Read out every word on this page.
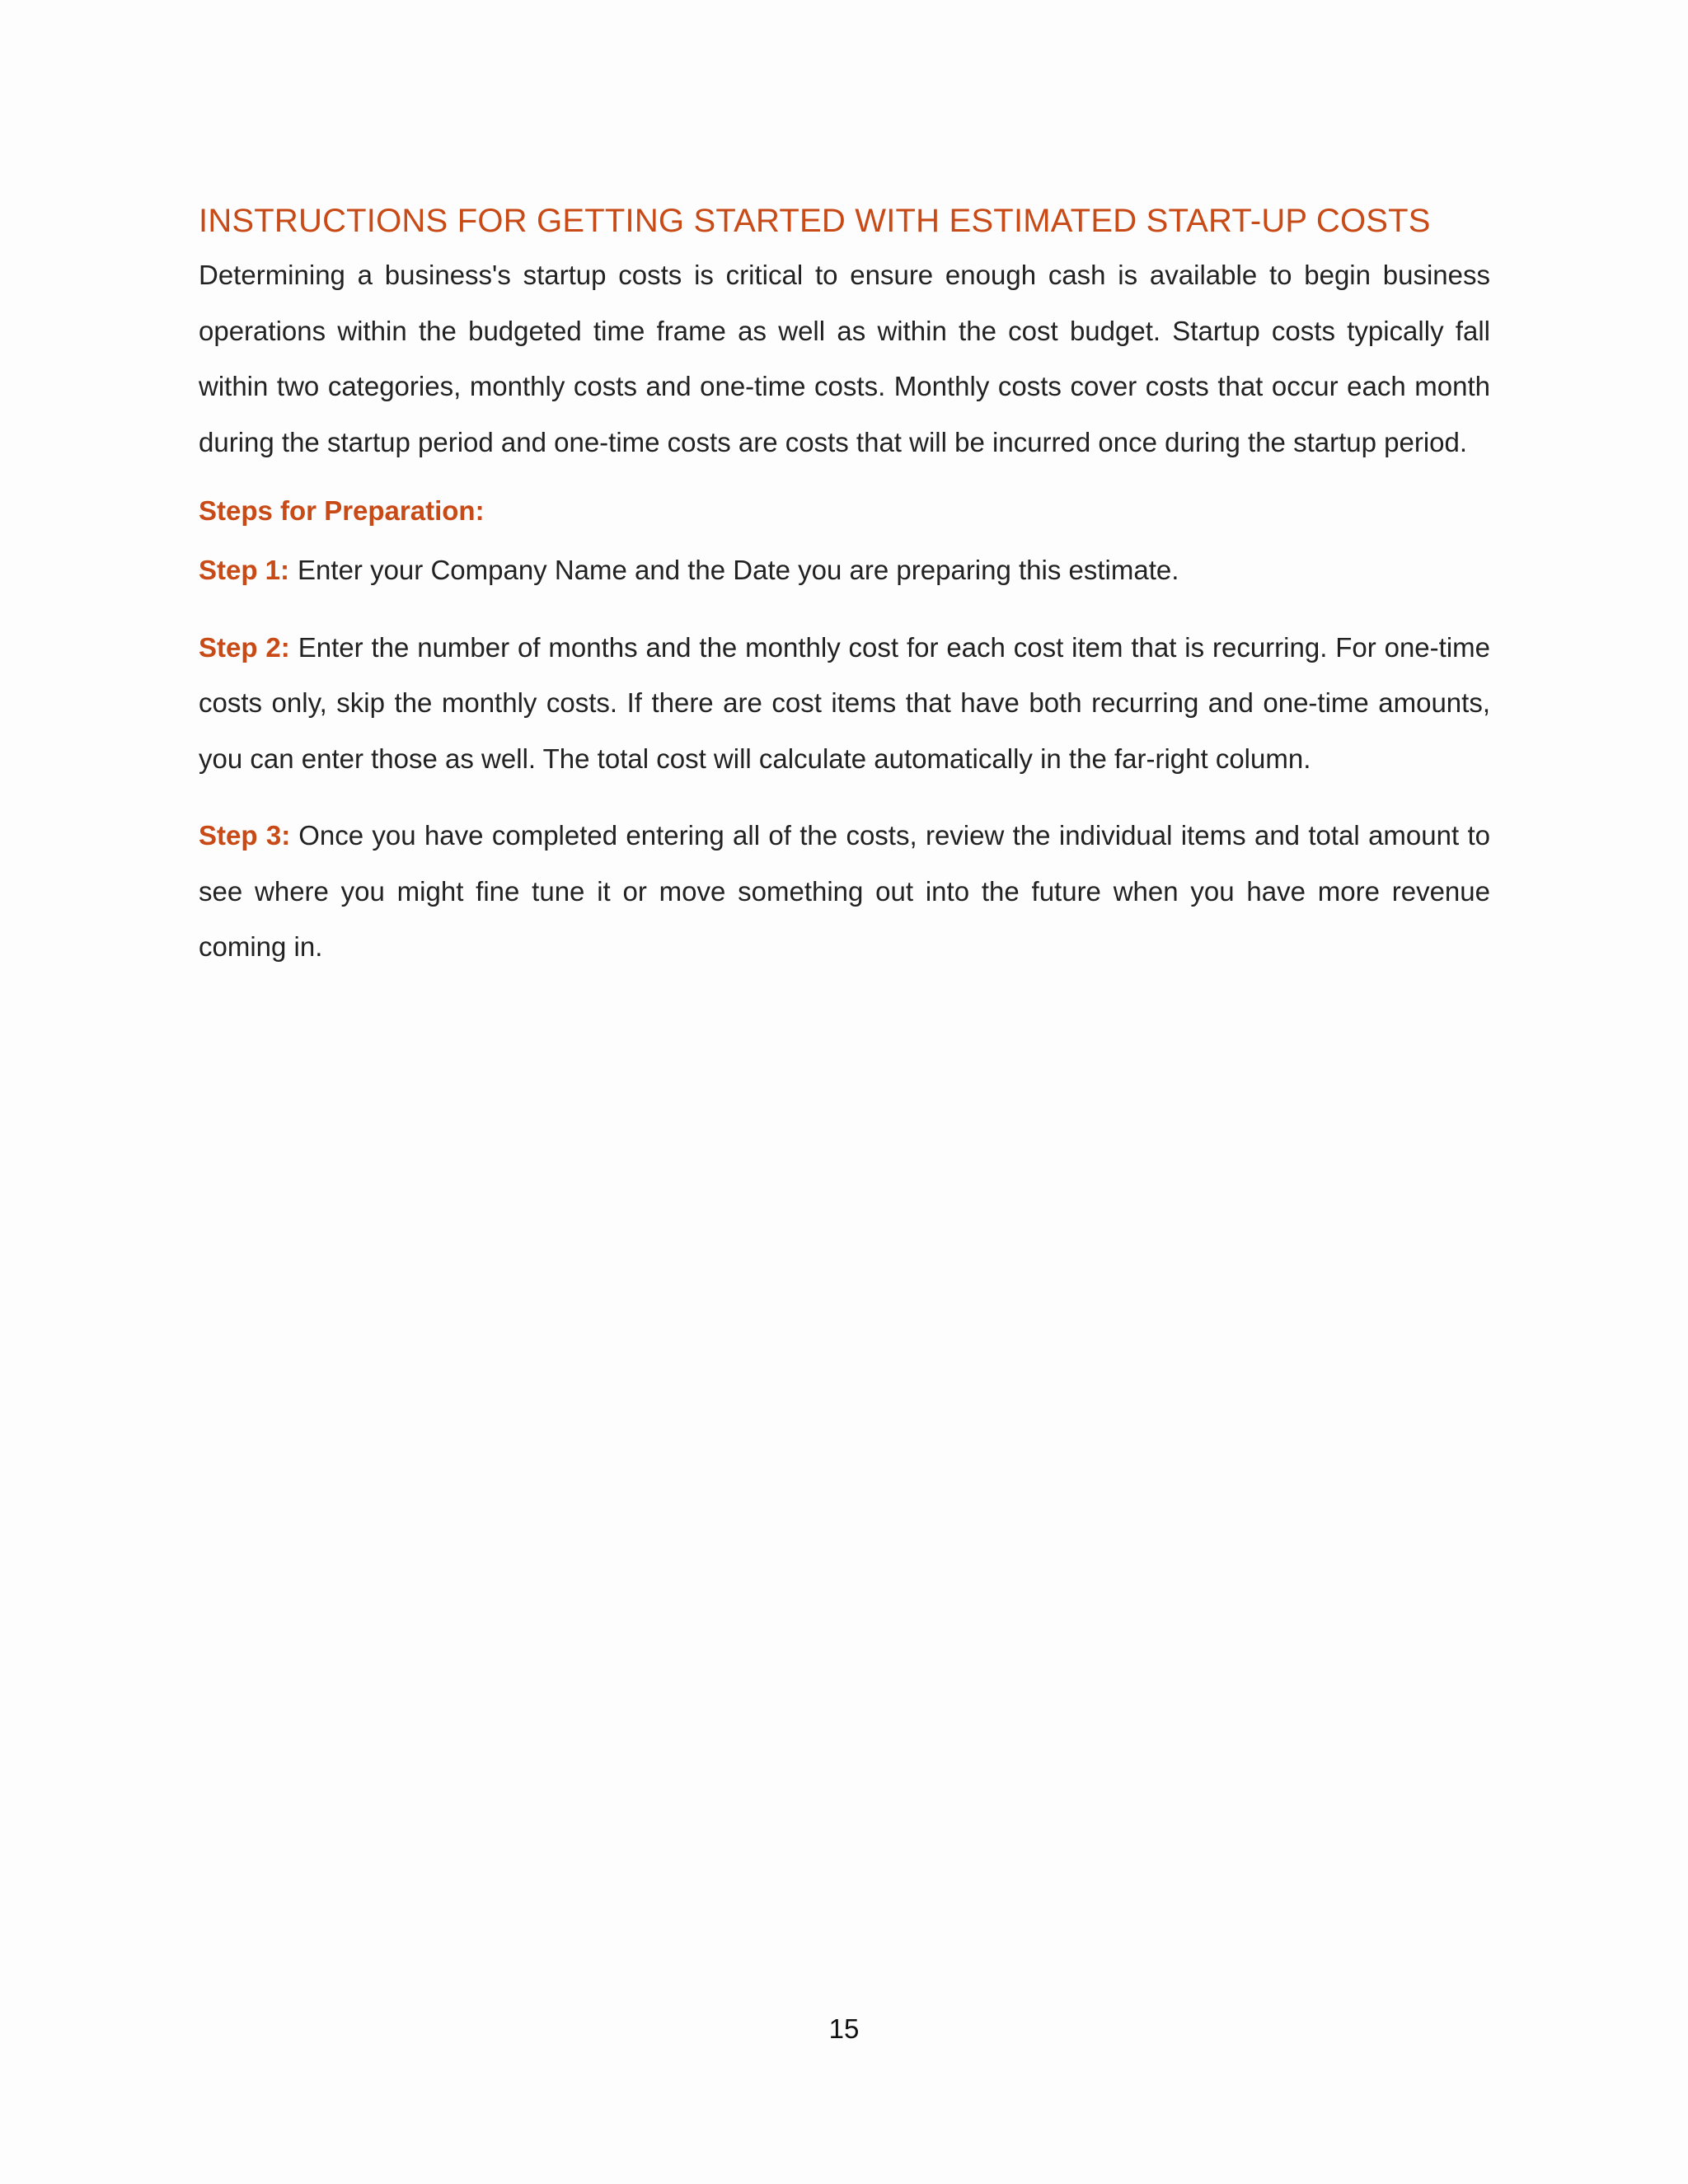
INSTRUCTIONS FOR GETTING STARTED WITH ESTIMATED START-UP COSTS

Determining a business's startup costs is critical to ensure enough cash is available to begin business operations within the budgeted time frame as well as within the cost budget. Startup costs typically fall within two categories, monthly costs and one-time costs. Monthly costs cover costs that occur each month during the startup period and one-time costs are costs that will be incurred once during the startup period.

Steps for Preparation:

Step 1: Enter your Company Name and the Date you are preparing this estimate.

Step 2: Enter the number of months and the monthly cost for each cost item that is recurring. For one-time costs only, skip the monthly costs. If there are cost items that have both recurring and one-time amounts, you can enter those as well. The total cost will calculate automatically in the far-right column.

Step 3: Once you have completed entering all of the costs, review the individual items and total amount to see where you might fine tune it or move something out into the future when you have more revenue coming in.

15
